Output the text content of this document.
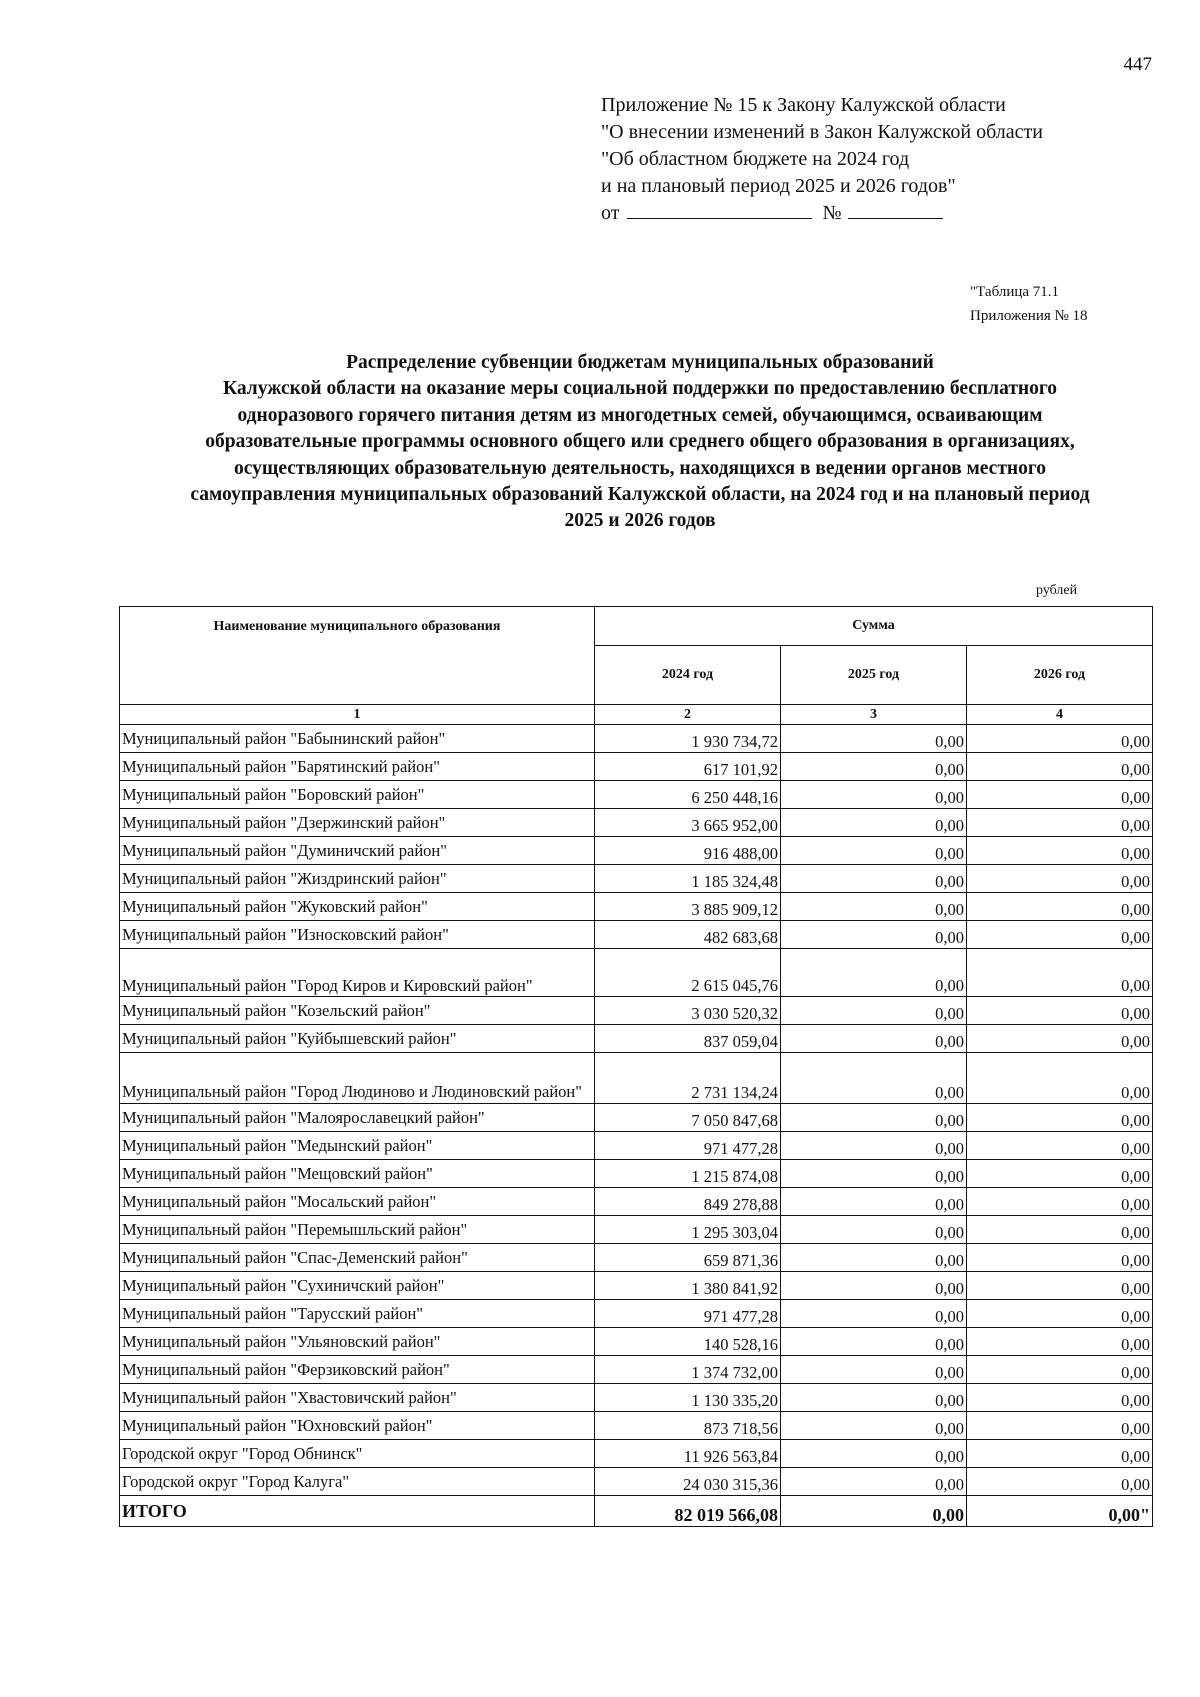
447
Приложение № 15 к Закону Калужской области
"О внесении изменений в Закон Калужской области
"Об областном бюджете на 2024 год
и на плановый период 2025 и 2026 годов"
от	№
"Таблица 71.1
Приложения № 18
Распределение субвенции бюджетам муниципальных образований
Калужской области на оказание меры социальной поддержки по предоставлению бесплатного
одноразового горячего питания детям из многодетных семей, обучающимся, осваивающим
образовательные программы основного общего или среднего общего образования в организациях,
осуществляющих образовательную деятельность, находящихся в ведении органов местного
самоуправления муниципальных образований Калужской области, на 2024 год и на плановый период
2025 и 2026 годов
рублей
Наименование муниципального образования	Сумма		
	2024 год	2025 год	2026 год
1	2	3	4
Муниципальный район "Бабынинский район"	1 930 734,72	0,00	0,00
Муниципальный район "Барятинский район"	617 101,92	0,00	0,00
Муниципальный район "Боровский район"	6 250 448,16	0,00	0,00
Муниципальный район "Дзержинский район"	3 665 952,00	0,00	0,00
Муниципальный район "Думиничский район"	916 488,00	0,00	0,00
Муниципальный район "Жиздринский район"	1 185 324,48	0,00	0,00
Муниципальный район "Жуковский район"	3 885 909,12	0,00	0,00
Муниципальный район "Износковский район"	482 683,68	0,00	0,00
Муниципальный район "Город Киров и Кировский район"	2 615 045,76	0,00	0,00
Муниципальный район "Козельский район"	3 030 520,32	0,00	0,00
Муниципальный район "Куйбышевский район"	837 059,04	0,00	0,00
Муниципальный район "Город Людиново и Людиновский район"	2 731 134,24	0,00	0,00
Муниципальный район "Малоярославецкий район"	7 050 847,68	0,00	0,00
Муниципальный район "Медынский район"	971 477,28	0,00	0,00
Муниципальный район "Мещовский район"	1 215 874,08	0,00	0,00
Муниципальный район "Мосальский район"	849 278,88	0,00	0,00
Муниципальный район "Перемышльский район"	1 295 303,04	0,00	0,00
Муниципальный район "Спас-Деменский район"	659 871,36	0,00	0,00
Муниципальный район "Сухиничский район"	1 380 841,92	0,00	0,00
Муниципальный район "Тарусский район"	971 477,28	0,00	0,00
Муниципальный район "Ульяновский район"	140 528,16	0,00	0,00
Муниципальный район "Ферзиковский район"	1 374 732,00	0,00	0,00
Муниципальный район "Хвастовичский район"	1 130 335,20	0,00	0,00
Муниципальный район "Юхновский район"	873 718,56	0,00	0,00
Городской округ "Город Обнинск"	11 926 563,84	0,00	0,00
Городской округ "Город Калуга"	24 030 315,36	0,00	0,00
ИТОГО	82 019 566,08	0,00	0,00"
